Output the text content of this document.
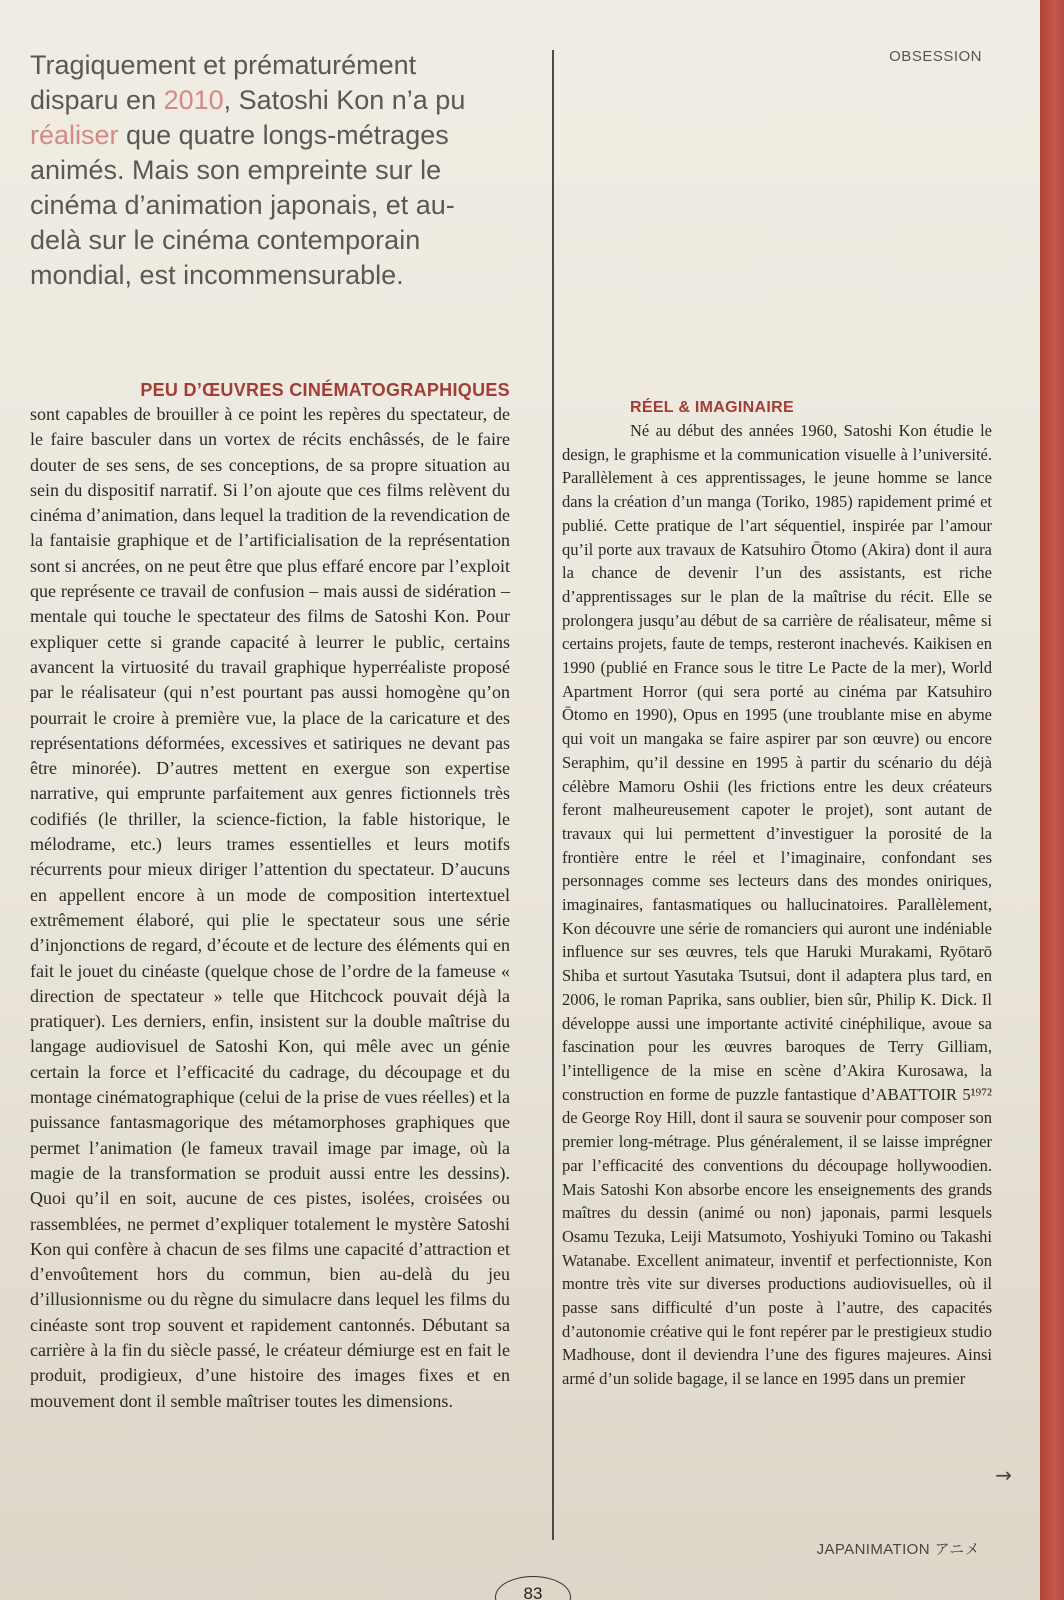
OBSESSION

Tragiquement et prématurément disparu en 2010, Satoshi Kon n’a pu réaliser que quatre longs-métrages animés. Mais son empreinte sur le cinéma d’animation japonais, et au-delà sur le cinéma contemporain mondial, est incommensurable.

PEU D’ŒUVRES CINÉMATOGRAPHIQUES

sont capables de brouiller à ce point les repères du spectateur, de le faire basculer dans un vortex de récits enchâssés, de le faire douter de ses sens, de ses conceptions, de sa propre situation au sein du dispositif narratif. Si l’on ajoute que ces films relèvent du cinéma d’animation, dans lequel la tradition de la revendication de la fantaisie graphique et de l’artificialisation de la représentation sont si ancrées, on ne peut être que plus effaré encore par l’exploit que représente ce travail de confusion – mais aussi de sidération – mentale qui touche le spectateur des films de Satoshi Kon. Pour expliquer cette si grande capacité à leurrer le public, certains avancent la virtuosité du travail graphique hyperréaliste proposé par le réalisateur (qui n’est pourtant pas aussi homogène qu’on pourrait le croire à première vue, la place de la caricature et des représentations déformées, excessives et satiriques ne devant pas être minorée). D’autres mettent en exergue son expertise narrative, qui emprunte parfaitement aux genres fictionnels très codifiés (le thriller, la science-fiction, la fable historique, le mélodrame, etc.) leurs trames essentielles et leurs motifs récurrents pour mieux diriger l’attention du spectateur. D’aucuns en appellent encore à un mode de composition intertextuel extrêmement élaboré, qui plie le spectateur sous une série d’injonctions de regard, d’écoute et de lecture des éléments qui en fait le jouet du cinéaste (quelque chose de l’ordre de la fameuse « direction de spectateur » telle que Hitchcock pouvait déjà la pratiquer). Les derniers, enfin, insistent sur la double maîtrise du langage audiovisuel de Satoshi Kon, qui mêle avec un génie certain la force et l’efficacité du cadrage, du découpage et du montage cinématographique (celui de la prise de vues réelles) et la puissance fantasmagorique des métamorphoses graphiques que permet l’animation (le fameux travail image par image, où la magie de la transformation se produit aussi entre les dessins). Quoi qu’il en soit, aucune de ces pistes, isolées, croisées ou rassemblées, ne permet d’expliquer totalement le mystère Satoshi Kon qui confère à chacun de ses films une capacité d’attraction et d’envoûtement hors du commun, bien au-delà du jeu d’illusionnisme ou du règne du simulacre dans lequel les films du cinéaste sont trop souvent et rapidement cantonnés. Débutant sa carrière à la fin du siècle passé, le créateur démiurge est en fait le produit, prodigieux, d’une histoire des images fixes et en mouvement dont il semble maîtriser toutes les dimensions.

RÉEL & IMAGINAIRE

Né au début des années 1960, Satoshi Kon étudie le design, le graphisme et la communication visuelle à l’université. Parallèlement à ces apprentissages, le jeune homme se lance dans la création d’un manga (Toriko, 1985) rapidement primé et publié. Cette pratique de l’art séquentiel, inspirée par l’amour qu’il porte aux travaux de Katsuhiro Ōtomo (Akira) dont il aura la chance de devenir l’un des assistants, est riche d’apprentissages sur le plan de la maîtrise du récit. Elle se prolongera jusqu’au début de sa carrière de réalisateur, même si certains projets, faute de temps, resteront inachevés. Kaikisen en 1990 (publié en France sous le titre Le Pacte de la mer), World Apartment Horror (qui sera porté au cinéma par Katsuhiro Ōtomo en 1990), Opus en 1995 (une troublante mise en abyme qui voit un mangaka se faire aspirer par son œuvre) ou encore Seraphim, qu’il dessine en 1995 à partir du scénario du déjà célèbre Mamoru Oshii (les frictions entre les deux créateurs feront malheureusement capoter le projet), sont autant de travaux qui lui permettent d’investiguer la porosité de la frontière entre le réel et l’imaginaire, confondant ses personnages comme ses lecteurs dans des mondes oniriques, imaginaires, fantasmatiques ou hallucinatoires. Parallèlement, Kon découvre une série de romanciers qui auront une indéniable influence sur ses œuvres, tels que Haruki Murakami, Ryōtarō Shiba et surtout Yasutaka Tsutsui, dont il adaptera plus tard, en 2006, le roman Paprika, sans oublier, bien sûr, Philip K. Dick. Il développe aussi une importante activité cinéphilique, avoue sa fascination pour les œuvres baroques de Terry Gilliam, l’intelligence de la mise en scène d’Akira Kurosawa, la construction en forme de puzzle fantastique d’ABATTOIR 5¹⁹⁷² de George Roy Hill, dont il saura se souvenir pour composer son premier long-métrage. Plus généralement, il se laisse imprégner par l’efficacité des conventions du découpage hollywoodien. Mais Satoshi Kon absorbe encore les enseignements des grands maîtres du dessin (animé ou non) japonais, parmi lesquels Osamu Tezuka, Leiji Matsumoto, Yoshiyuki Tomino ou Takashi Watanabe. Excellent animateur, inventif et perfectionniste, Kon montre très vite sur diverses productions audiovisuelles, où il passe sans difficulté d’un poste à l’autre, des capacités d’autonomie créative qui le font repérer par le prestigieux studio Madhouse, dont il deviendra l’une des figures majeures. Ainsi armé d’un solide bagage, il se lance en 1995 dans un premier

→
JAPANIMATION アニメ
83
